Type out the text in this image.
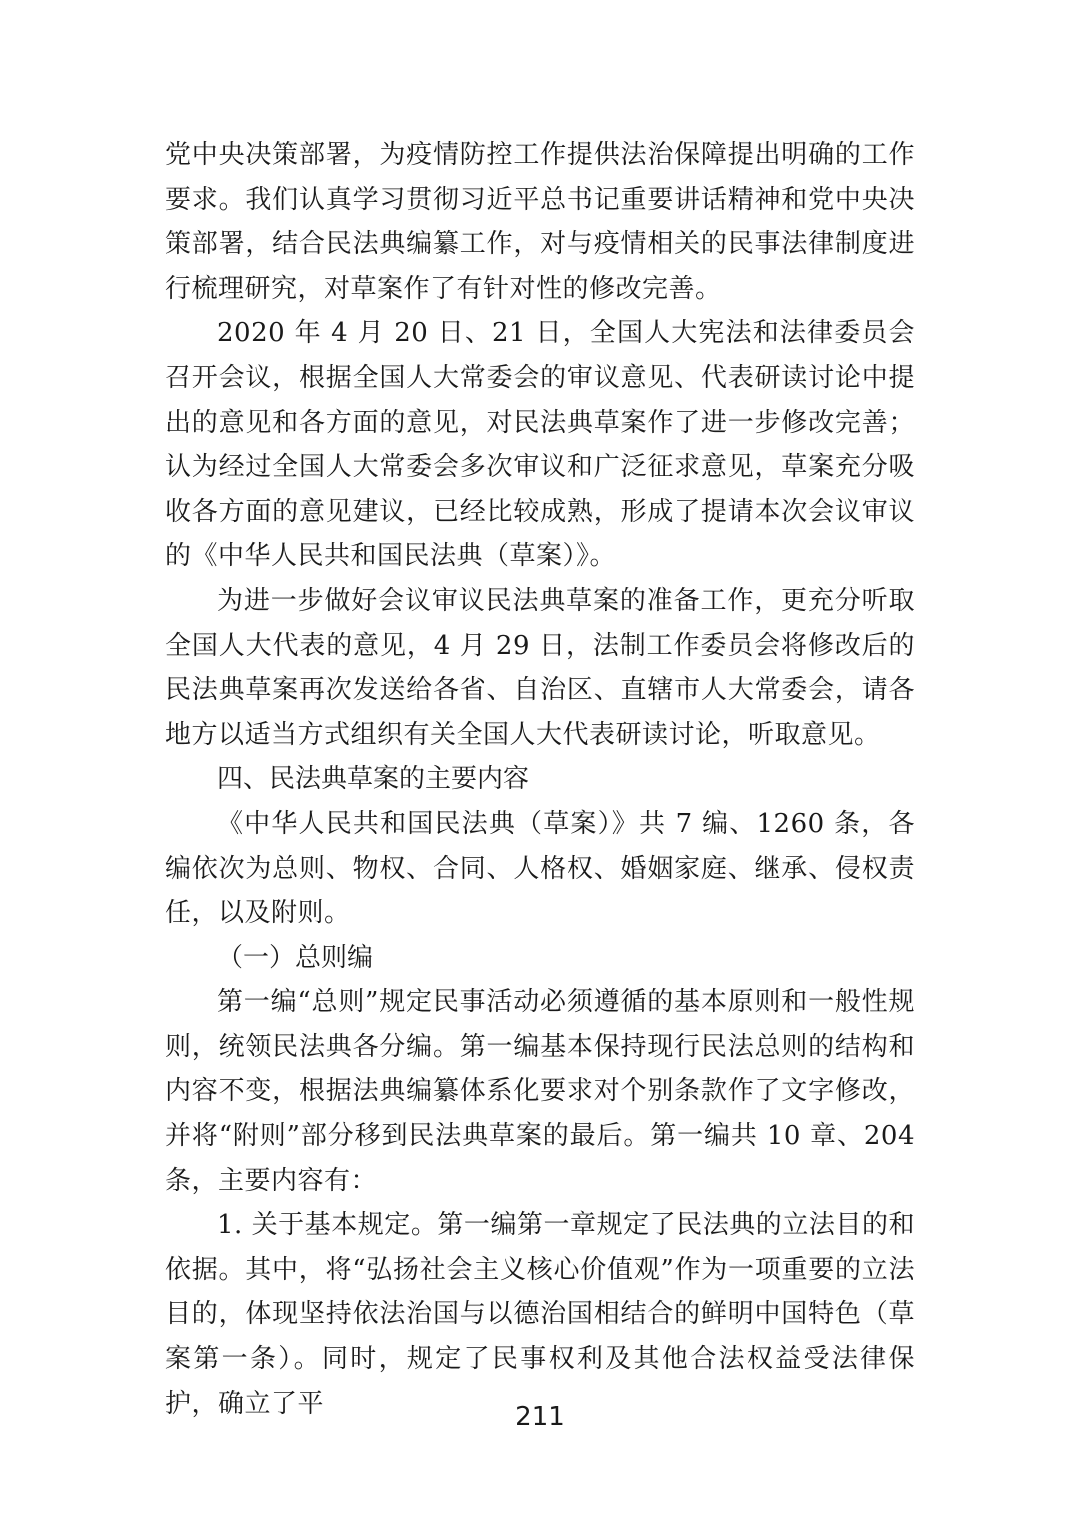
党中央决策部署，为疫情防控工作提供法治保障提出明确的工作要求。我们认真学习贯彻习近平总书记重要讲话精神和党中央决策部署，结合民法典编纂工作，对与疫情相关的民事法律制度进行梳理研究，对草案作了有针对性的修改完善。

2020 年 4 月 20 日、21 日，全国人大宪法和法律委员会召开会议，根据全国人大常委会的审议意见、代表研读讨论中提出的意见和各方面的意见，对民法典草案作了进一步修改完善；认为经过全国人大常委会多次审议和广泛征求意见，草案充分吸收各方面的意见建议，已经比较成熟，形成了提请本次会议审议的《中华人民共和国民法典（草案）》。

为进一步做好会议审议民法典草案的准备工作，更充分听取全国人大代表的意见，4 月 29 日，法制工作委员会将修改后的民法典草案再次发送给各省、自治区、直辖市人大常委会，请各地方以适当方式组织有关全国人大代表研读讨论，听取意见。

四、民法典草案的主要内容

《中华人民共和国民法典（草案）》共 7 编、1260 条，各编依次为总则、物权、合同、人格权、婚姻家庭、继承、侵权责任，以及附则。

（一）总则编

第一编“总则”规定民事活动必须遵循的基本原则和一般性规则，统领民法典各分编。第一编基本保持现行民法总则的结构和内容不变，根据法典编纂体系化要求对个别条款作了文字修改，并将“附则”部分移到民法典草案的最后。第一编共 10 章、204 条，主要内容有：

1. 关于基本规定。第一编第一章规定了民法典的立法目的和依据。其中，将“弘扬社会主义核心价值观”作为一项重要的立法目的，体现坚持依法治国与以德治国相结合的鲜明中国特色（草案第一条）。同时，规定了民事权利及其他合法权益受法律保护，确立了平	211
